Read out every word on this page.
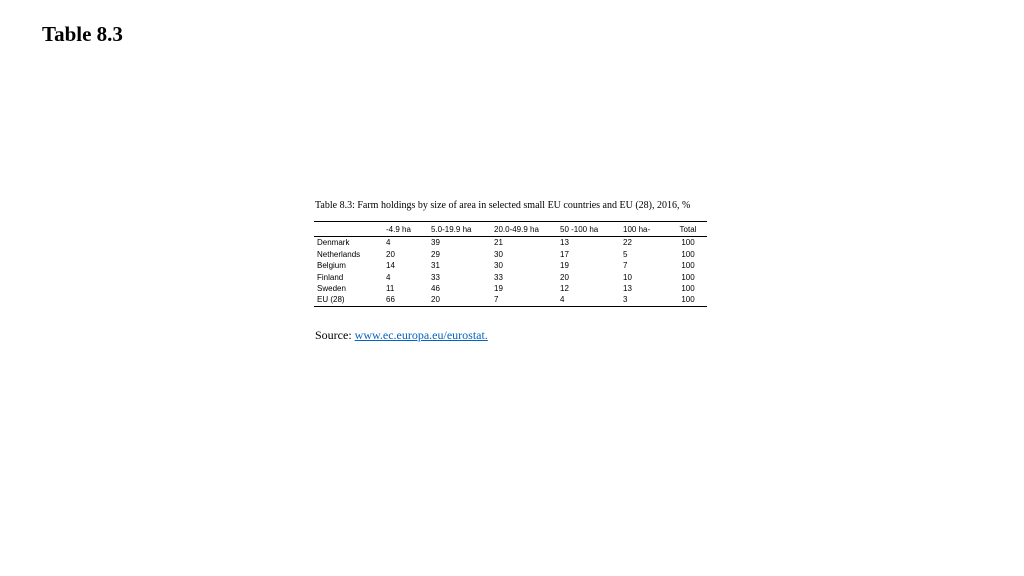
Table 8.3
Table 8.3: Farm holdings by size of area in selected small EU countries and EU (28), 2016, %
	-4.9 ha	5.0-19.9 ha	20.0-49.9 ha	50 -100 ha	100 ha-	Total
Denmark	4	39	21	13	22	100
Netherlands	20	29	30	17	5	100
Belgium	14	31	30	19	7	100
Finland	4	33	33	20	10	100
Sweden	11	46	19	12	13	100
EU (28)	66	20	7	4	3	100
Source: www.ec.europa.eu/eurostat.
